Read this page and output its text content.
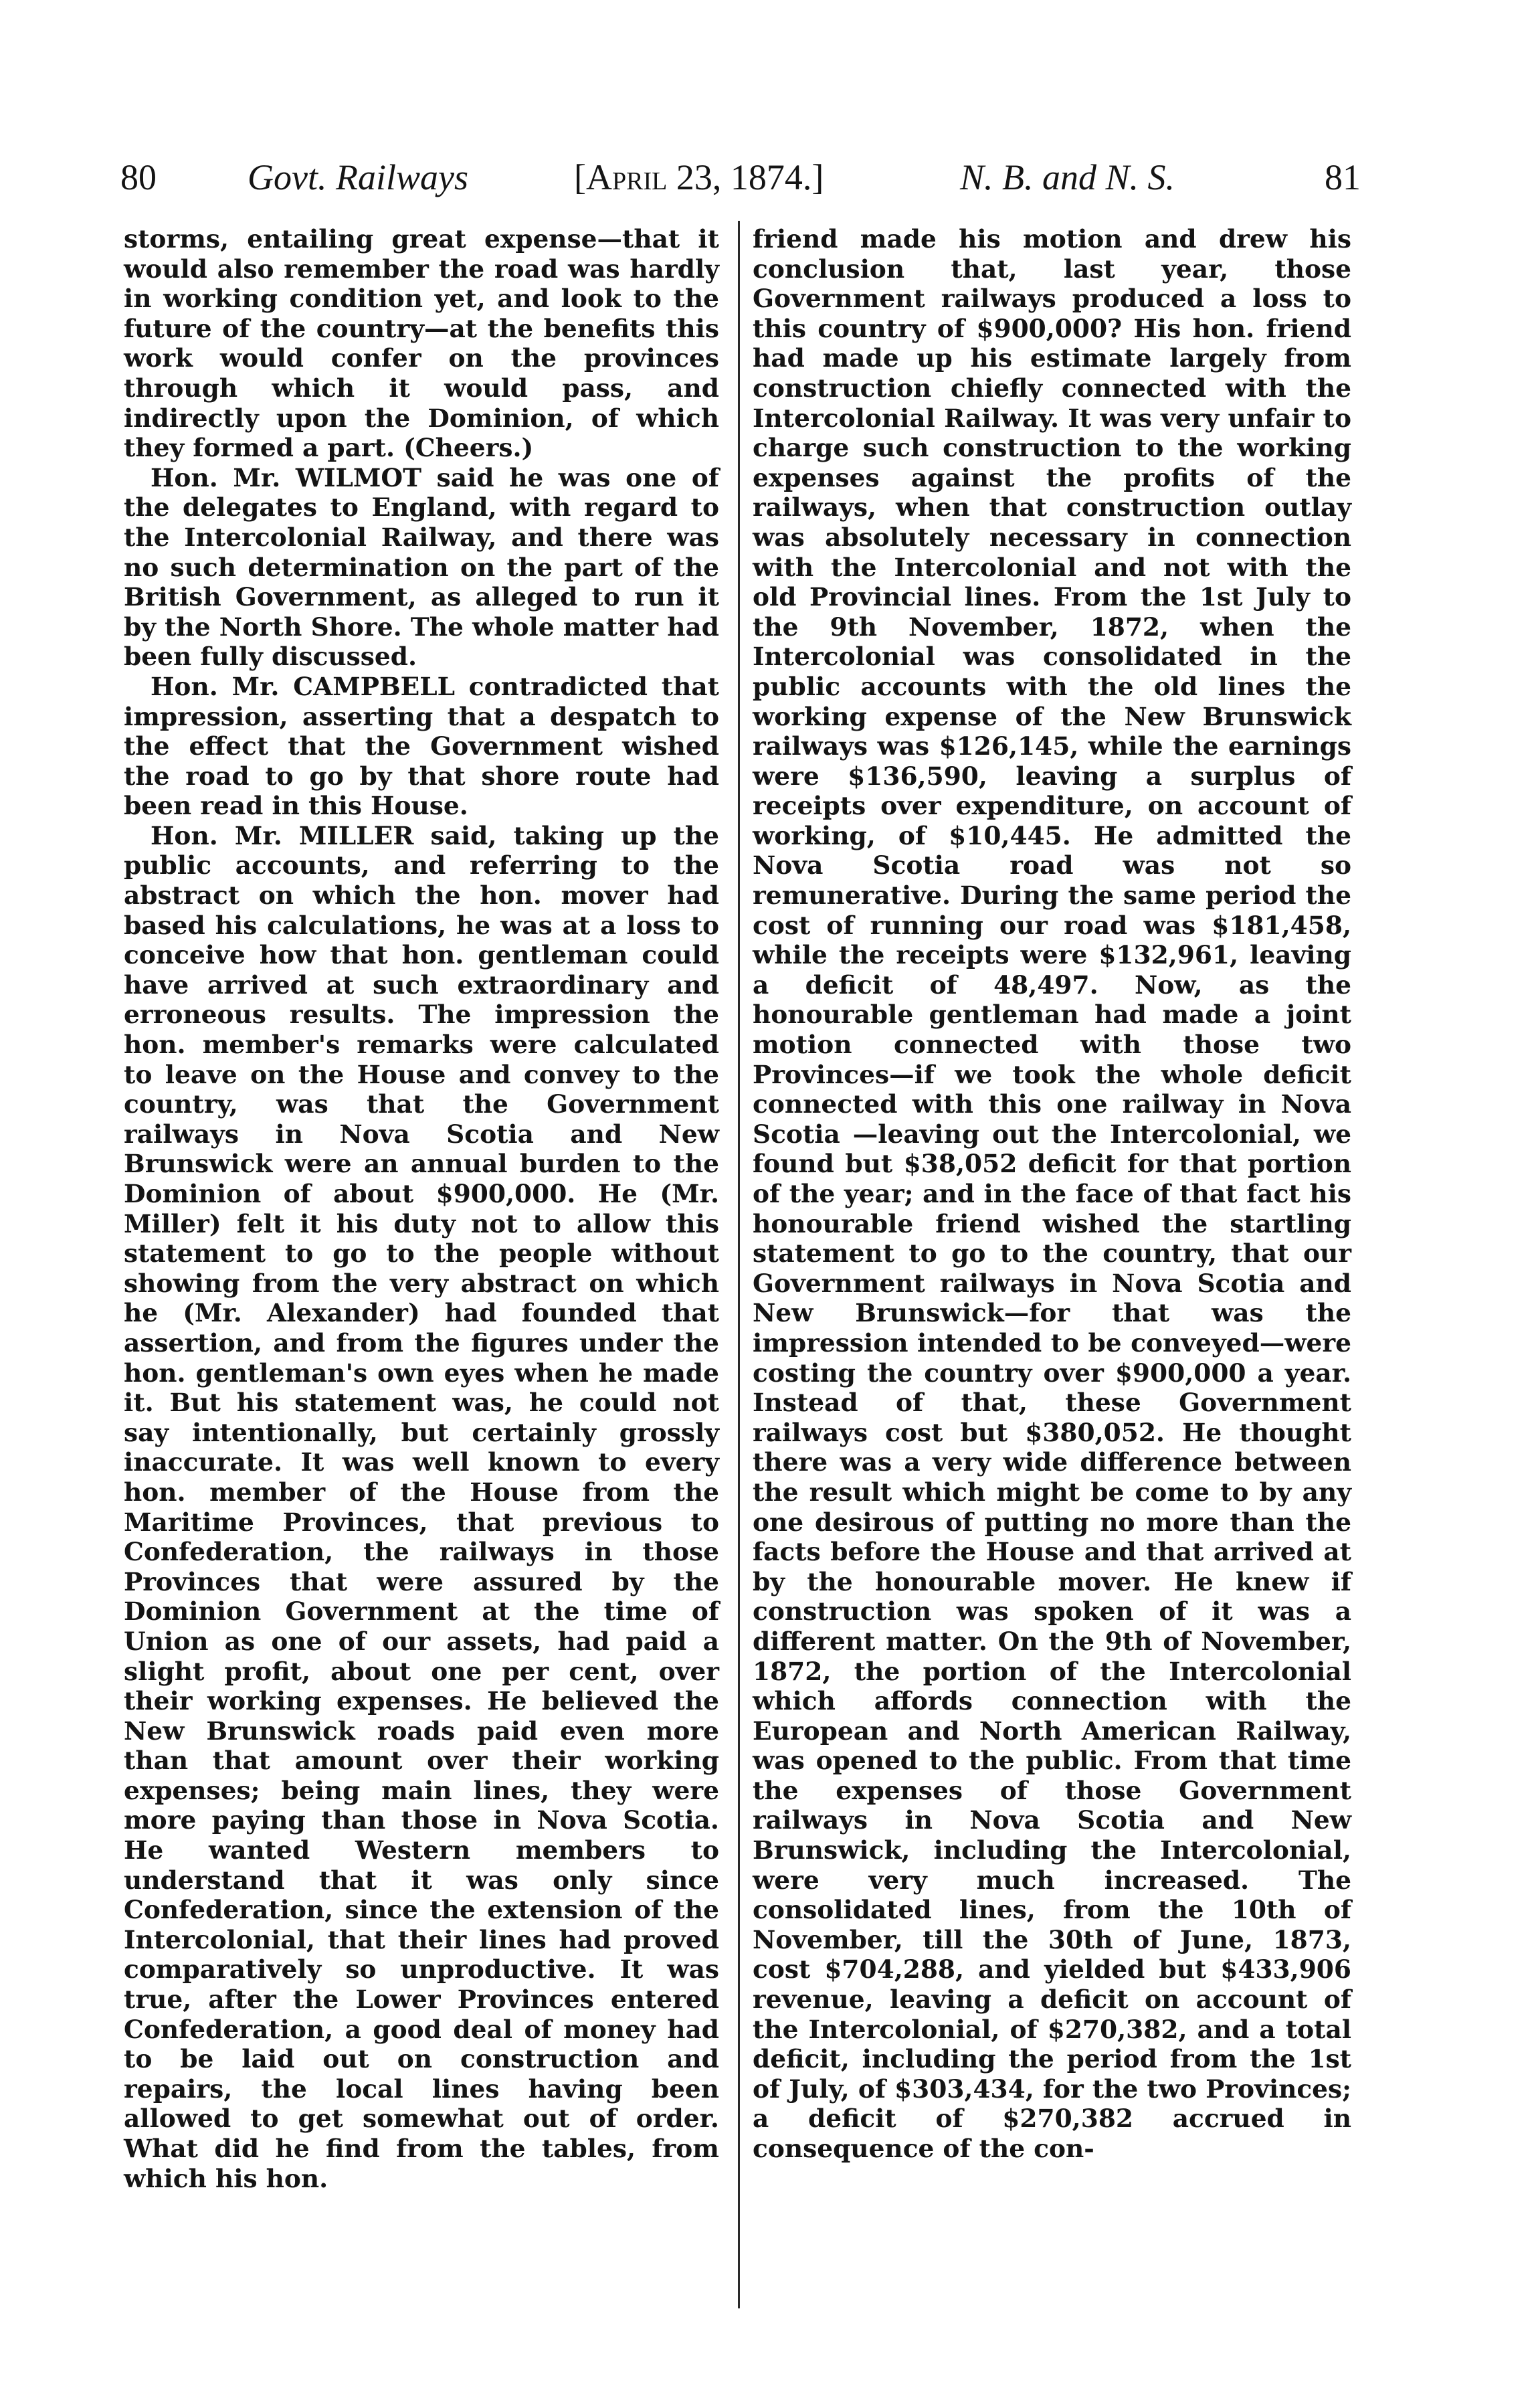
80	Govt. Railways	[April 23, 1874.]	N. B. and N. S.	81

storms, entailing great expense—that it would also remember the road was hardly in working condition yet, and look to the future of the country—at the benefits this work would confer on the provinces through which it would pass, and indirectly upon the Dominion, of which they formed a part. (Cheers.)

Hon. Mr. WILMOT said he was one of the delegates to England, with regard to the Intercolonial Railway, and there was no such determination on the part of the British Government, as alleged to run it by the North Shore. The whole matter had been fully discussed.

Hon. Mr. CAMPBELL contradicted that impression, asserting that a despatch to the effect that the Government wished the road to go by that shore route had been read in this House.

Hon. Mr. MILLER said, taking up the public accounts, and referring to the abstract on which the hon. mover had based his calculations, he was at a loss to conceive how that hon. gentleman could have arrived at such extraordinary and erroneous results. The impression the hon. member's remarks were calculated to leave on the House and convey to the country, was that the Government railways in Nova Scotia and New Brunswick were an annual burden to the Dominion of about $900,000. He (Mr. Miller) felt it his duty not to allow this statement to go to the people without showing from the very abstract on which he (Mr. Alexander) had founded that assertion, and from the figures under the hon. gentleman's own eyes when he made it. But his statement was, he could not say intentionally, but certainly grossly inaccurate. It was well known to every hon. member of the House from the Maritime Provinces, that previous to Confederation, the railways in those Provinces that were assured by the Dominion Government at the time of Union as one of our assets, had paid a slight profit, about one per cent, over their working expenses. He believed the New Brunswick roads paid even more than that amount over their working expenses; being main lines, they were more paying than those in Nova Scotia. He wanted Western members to understand that it was only since Confederation, since the extension of the Intercolonial, that their lines had proved comparatively so unproductive. It was true, after the Lower Provinces entered Confederation, a good deal of money had to be laid out on construction and repairs, the local lines having been allowed to get somewhat out of order. What did he find from the tables, from which his hon.

friend made his motion and drew his conclusion that, last year, those Government railways produced a loss to this country of $900,000? His hon. friend had made up his estimate largely from construction chiefly connected with the Intercolonial Railway. It was very unfair to charge such construction to the working expenses against the profits of the railways, when that construction outlay was absolutely necessary in connection with the Intercolonial and not with the old Provincial lines. From the 1st July to the 9th November, 1872, when the Intercolonial was consolidated in the public accounts with the old lines the working expense of the New Brunswick railways was $126,145, while the earnings were $136,590, leaving a surplus of receipts over expenditure, on account of working, of $10,445. He admitted the Nova Scotia road was not so remunerative. During the same period the cost of running our road was $181,458, while the receipts were $132,961, leaving a deficit of 48,497. Now, as the honourable gentleman had made a joint motion connected with those two Provinces—if we took the whole deficit connected with this one railway in Nova Scotia —leaving out the Intercolonial, we found but $38,052 deficit for that portion of the year; and in the face of that fact his honourable friend wished the startling statement to go to the country, that our Government railways in Nova Scotia and New Brunswick—for that was the impression intended to be conveyed—were costing the country over $900,000 a year. Instead of that, these Government railways cost but $380,052. He thought there was a very wide difference between the result which might be come to by any one desirous of putting no more than the facts before the House and that arrived at by the honourable mover. He knew if construction was spoken of it was a different matter. On the 9th of November, 1872, the portion of the Intercolonial which affords connection with the European and North American Railway, was opened to the public. From that time the expenses of those Government railways in Nova Scotia and New Brunswick, including the Intercolonial, were very much increased. The consolidated lines, from the 10th of November, till the 30th of June, 1873, cost $704,288, and yielded but $433,906 revenue, leaving a deficit on account of the Intercolonial, of $270,382, and a total deficit, including the period from the 1st of July, of $303,434, for the two Provinces; a deficit of $270,382 accrued in consequence of the con-
